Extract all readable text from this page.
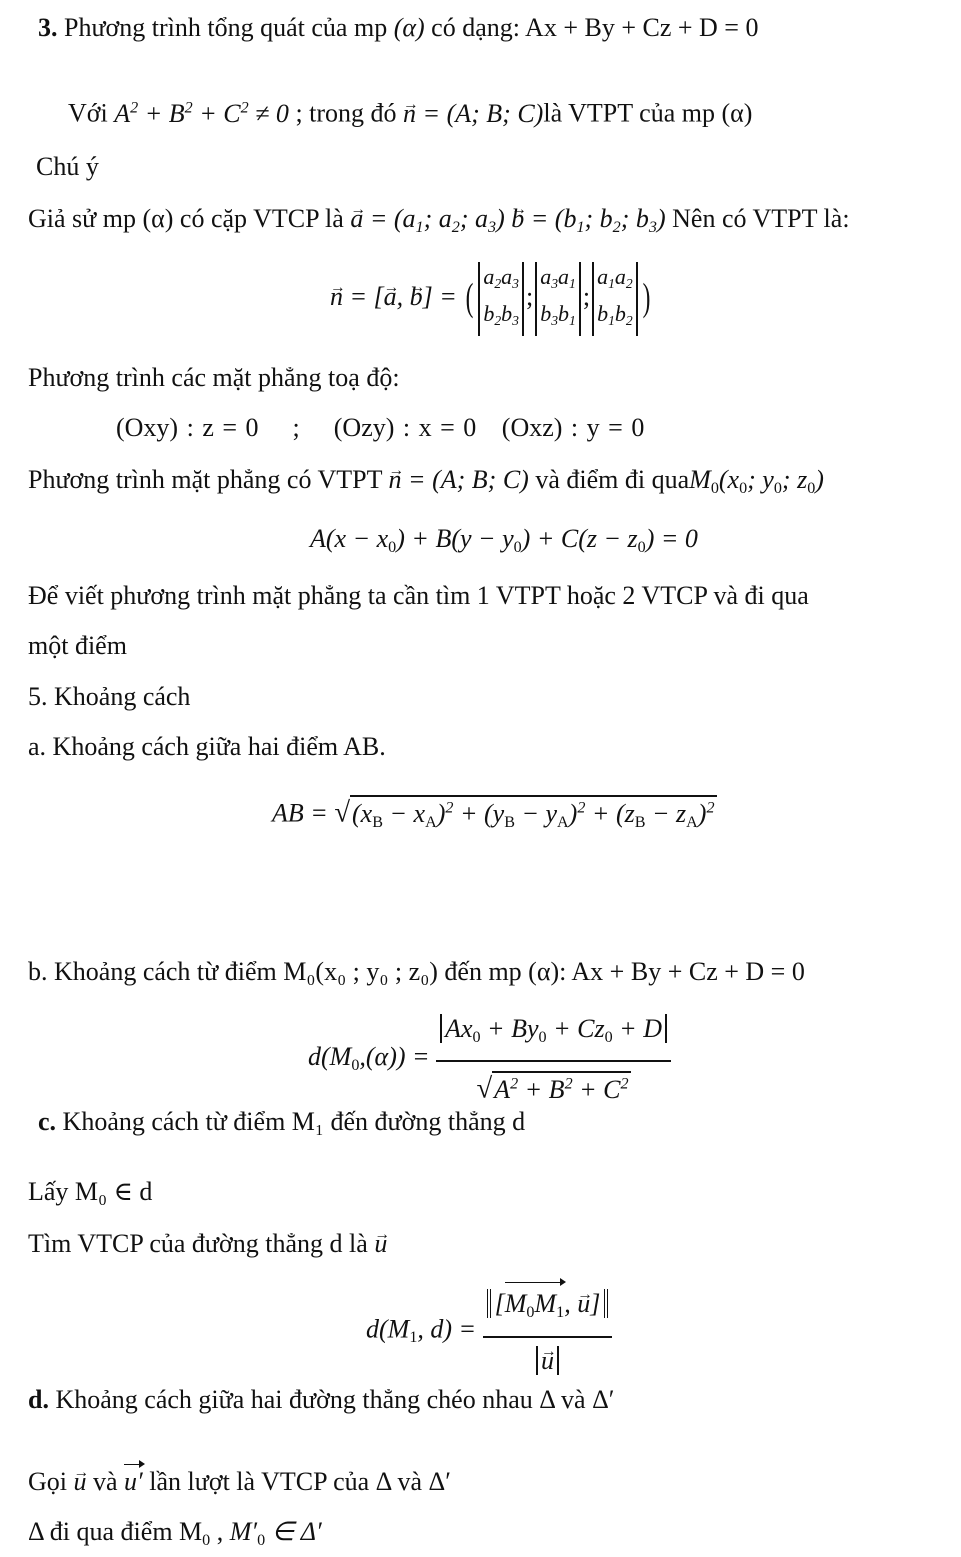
3. Phương trình tổng quát của mp (α) có dạng: Ax + By + Cz + D = 0
Với $A^2 + B^2 + C^2 \ne 0$ ; trong đó → n = (A; B; C)là VTPT của mp (α)
Chú ý
Giả sử mp (α) có cặp VTCP là → a = (a1; a2; a3) → b = (b1; b2; b3) Nên có VTPT là:
→ n = [→ a, → b] = ( a2a3
b2b3
;
a3a1
b3b1
;
a1a2
b1b2
)
Phương trình các mặt phẳng toạ độ:
(Oxy) : z = 0 ; (Ozy) : x = 0 (Oxz) : y = 0
Phương trình mặt phẳng có VTPT → n = (A; B; C) và điểm đi $quaM_0(x_0$; $y_0$; $z_0$)
$A(x - x_0) + B(y - y_0) + C(z - z_0) = 0$
Để viết phương trình mặt phẳng ta cần tìm 1 VTPT hoặc 2 VTCP và đi qua
một điểm
5. Khoảng cách
a. Khoảng cách giữa hai điểm AB.
AB = $√(x_B - x_A)^2 + (y_B - y_A)^2 + (z_B - z_A)^2$
b. Khoảng cách từ điểm M₀(x₀ ; y₀ ; z₀) đến mp (α): Ax + By + Cz + D = 0
$d(M_0,(\alpha)) = \frac{Ax_0 + By_0 + Cz_0 + D}{√A^2 + B^2 + C^2}$
c. Khoảng cách từ điểm M₁ đến đường thẳng d
Lấy M₀ ∈ d
Tìm VTCP của đường thẳng d là → u
$d(M_1$, $d) = [M_0M_1$, → u]
→ u
d. Khoảng cách giữa hai đường thẳng chéo nhau Δ và Δ′
Gọi → u và u′ lần lượt là VTCP của Δ và Δ′
Δ đi qua điểm $M_0$ , $M'_0$ ∈ Δ′
